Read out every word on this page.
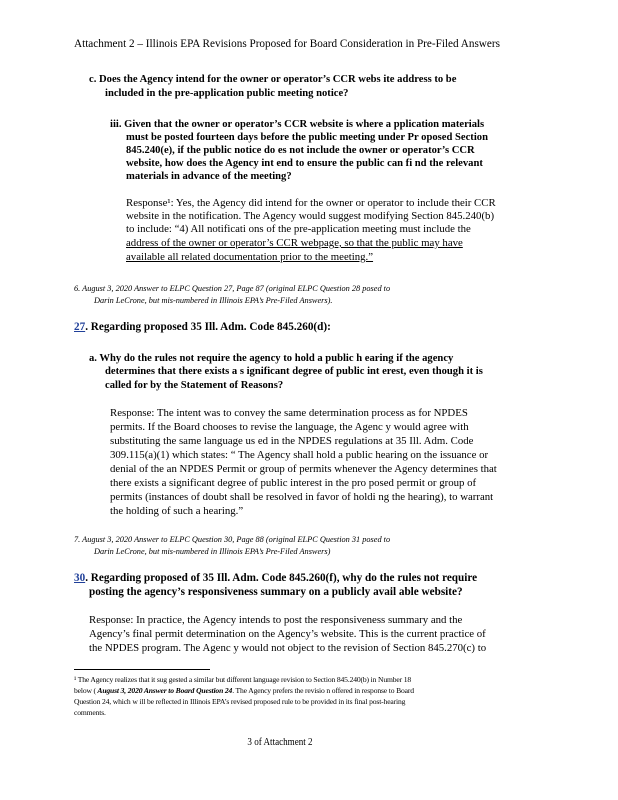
Attachment 2 – Illinois EPA Revisions Proposed for Board Consideration in Pre-Filed Answers
c. Does the Agency intend for the owner or operator’s CCR webs ite address to be
included in the pre-application public meeting notice?
iii. Given that the owner or operator’s CCR website is where a pplication materials
must be posted fourteen days before the public meeting under Pr oposed Section
845.240(e), if the public notice do es not include the owner or operator’s CCR
website, how does the Agency int end to ensure the public can fi nd the relevant
materials in advance of the meeting?
Response¹: Yes, the Agency did intend for the owner or operator to include their CCR
website in the notification. The Agency would suggest modifying Section 845.240(b)
to include: “4) All notificati ons of the pre-application meeting must include the
address of the owner or operator’s CCR webpage, so that the public may have
available all related documentation prior to the meeting.”
6. August 3, 2020 Answer to ELPC Question 27, Page 87 (original ELPC Question 28 posed to
Darin LeCrone, but mis-numbered in Illinois EPA’s Pre-Filed Answers).
27. Regarding proposed 35 Ill. Adm. Code 845.260(d):
a. Why do the rules not require the agency to hold a public h earing if the agency
determines that there exists a s ignificant degree of public int erest, even though it is
called for by the Statement of Reasons?
Response: The intent was to convey the same determination process as for NPDES
permits. If the Board chooses to revise the language, the Agenc y would agree with
substituting the same language us ed in the NPDES regulations at 35 Ill. Adm. Code
309.115(a)(1) which states: “ The Agency shall hold a public hearing on the issuance or
denial of the an NPDES Permit or group of permits whenever the Agency determines that
there exists a significant degree of public interest in the pro posed permit or group of
permits (instances of doubt shall be resolved in favor of holdi ng the hearing), to warrant
the holding of such a hearing.”
7. August 3, 2020 Answer to ELPC Question 30, Page 88 (original ELPC Question 31 posed to
Darin LeCrone, but mis-numbered in Illinois EPA’s Pre-Filed Answers)
30. Regarding proposed of 35 Ill. Adm. Code 845.260(f), why do the rules not require
posting the agency’s responsiveness summary on a publicly avail able website?
Response: In practice, the Agency intends to post the responsiveness summary and the
Agency’s final permit determination on the Agency’s website. This is the current practice of
the NPDES program. The Agenc y would not object to the revision of Section 845.270(c) to
¹ The Agency realizes that it sug gested a similar but different language revision to Section 845.240(b) in Number 18
below ( August 3, 2020 Answer to Board Question 24. The Agency prefers the revisio n offered in response to Board
Question 24, which w ill be reflected in Illinois EPA’s revised proposed rule to be provided in its final post-hearing
comments.
3 of Attachment 2
